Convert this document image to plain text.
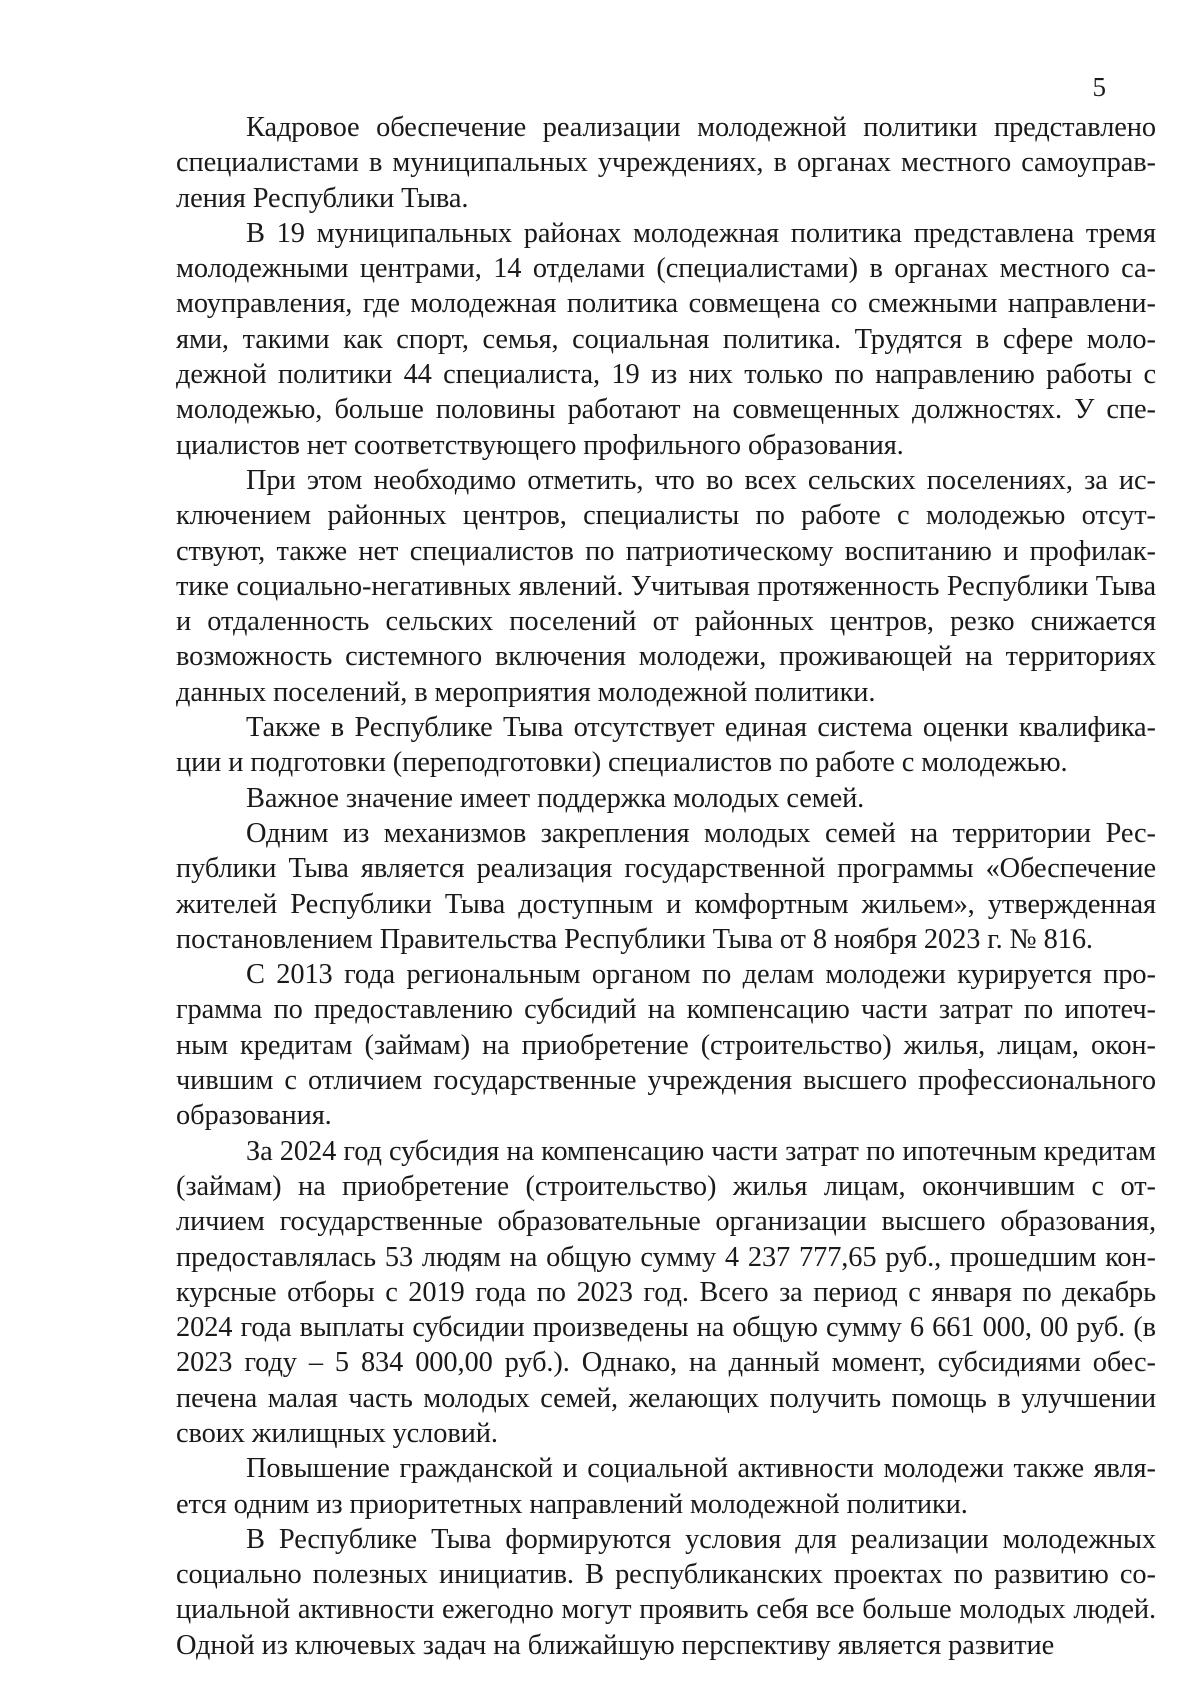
5

Кадровое обеспечение реализации молодежной политики представлено специалистами в муниципальных учреждениях, в органах местного самоуправления Республики Тыва.

В 19 муниципальных районах молодежная политика представлена тремя молодежными центрами, 14 отделами (специалистами) в органах местного самоуправления, где молодежная политика совмещена со смежными направлениями, такими как спорт, семья, социальная политика. Трудятся в сфере молодежной политики 44 специалиста, 19 из них только по направлению работы с молодежью, больше половины работают на совмещенных должностях. У специалистов нет соответствующего профильного образования.

При этом необходимо отметить, что во всех сельских поселениях, за исключением районных центров, специалисты по работе с молодежью отсутствуют, также нет специалистов по патриотическому воспитанию и профилактике социально-негативных явлений. Учитывая протяженность Республики Тыва и отдаленность сельских поселений от районных центров, резко снижается возможность системного включения молодежи, проживающей на территориях данных поселений, в мероприятия молодежной политики.

Также в Республике Тыва отсутствует единая система оценки квалификации и подготовки (переподготовки) специалистов по работе с молодежью.

Важное значение имеет поддержка молодых семей.

Одним из механизмов закрепления молодых семей на территории Республики Тыва является реализация государственной программы «Обеспечение жителей Республики Тыва доступным и комфортным жильем», утвержденная постановлением Правительства Республики Тыва от 8 ноября 2023 г. № 816.

С 2013 года региональным органом по делам молодежи курируется программа по предоставлению субсидий на компенсацию части затрат по ипотечным кредитам (займам) на приобретение (строительство) жилья, лицам, окончившим с отличием государственные учреждения высшего профессионального образования.

За 2024 год субсидия на компенсацию части затрат по ипотечным кредитам (займам) на приобретение (строительство) жилья лицам, окончившим с отличием государственные образовательные организации высшего образования, предоставлялась 53 людям на общую сумму 4 237 777,65 руб., прошедшим конкурсные отборы с 2019 года по 2023 год. Всего за период с января по декабрь 2024 года выплаты субсидии произведены на общую сумму 6 661 000, 00 руб. (в 2023 году – 5 834 000,00 руб.). Однако, на данный момент, субсидиями обеспечена малая часть молодых семей, желающих получить помощь в улучшении своих жилищных условий.

Повышение гражданской и социальной активности молодежи также является одним из приоритетных направлений молодежной политики.

В Республике Тыва формируются условия для реализации молодежных социально полезных инициатив. В республиканских проектах по развитию социальной активности ежегодно могут проявить себя все больше молодых людей. Одной из ключевых задач на ближайшую перспективу является развитие
